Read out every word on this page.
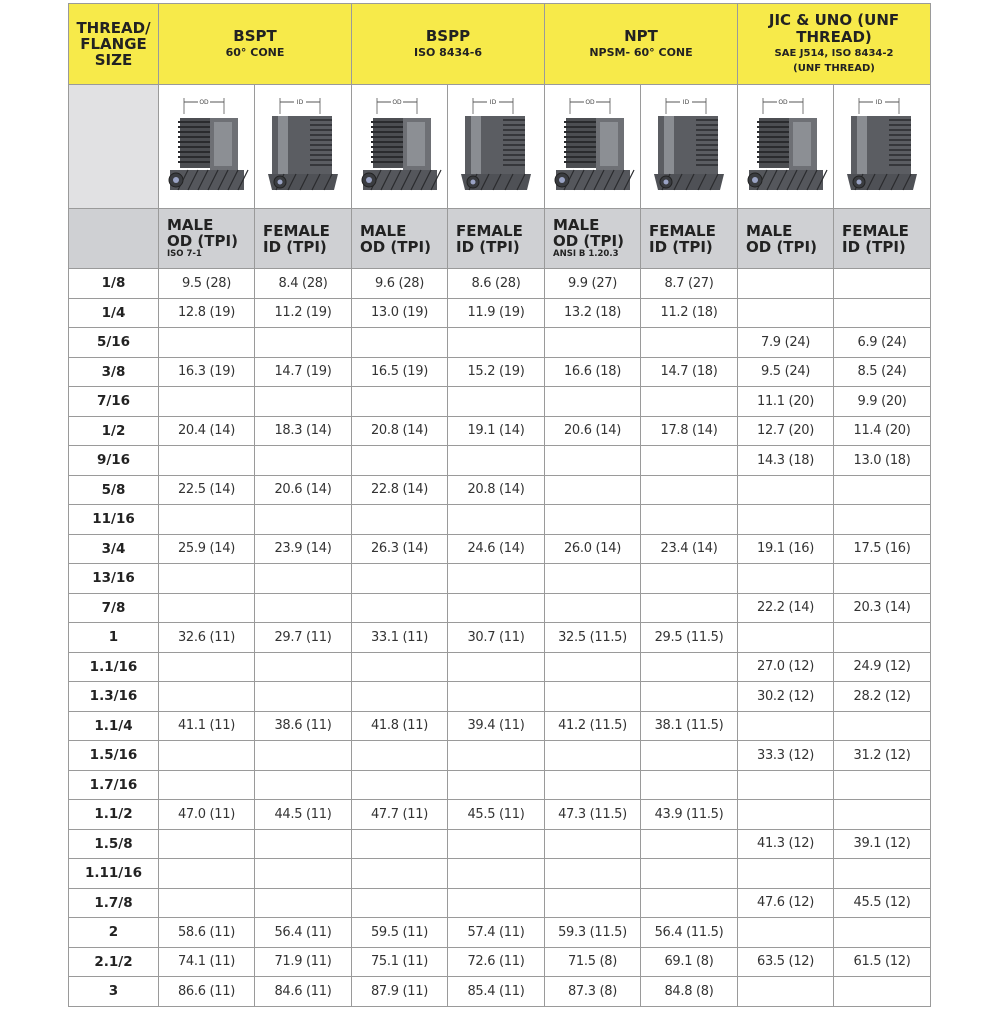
THREAD/
FLANGE
SIZE	BSPT
60° CONE		BSPP
ISO 8434-6		NPT
NPSM- 60° CONE		JIC & UNO (UNF THREAD)
SAE J514, ISO 8434-2
(UNF THREAD)	

OD	ID	OD	ID	OD	ID	OD	ID

	MALE
OD (TPI)
ISO 7-1	FEMALE
ID (TPI)	MALE
OD (TPI)	FEMALE
ID (TPI)	MALE
OD (TPI)
ANSI B 1.20.3	FEMALE
ID (TPI)	MALE
OD (TPI)	FEMALE
ID (TPI)

1/8	9.5 (28)	8.4 (28)	9.6 (28)	8.6 (28)	9.9 (27)	8.7 (27)		
1/4	12.8 (19)	11.2 (19)	13.0 (19)	11.9 (19)	13.2 (18)	11.2 (18)		
5/16							7.9 (24)	6.9 (24)
3/8	16.3 (19)	14.7 (19)	16.5 (19)	15.2 (19)	16.6 (18)	14.7 (18)	9.5 (24)	8.5 (24)
7/16							11.1 (20)	9.9 (20)
1/2	20.4 (14)	18.3 (14)	20.8 (14)	19.1 (14)	20.6 (14)	17.8 (14)	12.7 (20)	11.4 (20)
9/16							14.3 (18)	13.0 (18)
5/8	22.5 (14)	20.6 (14)	22.8 (14)	20.8 (14)				
11/16								
3/4	25.9 (14)	23.9 (14)	26.3 (14)	24.6 (14)	26.0 (14)	23.4 (14)	19.1 (16)	17.5 (16)
13/16								
7/8							22.2 (14)	20.3 (14)
1	32.6 (11)	29.7 (11)	33.1 (11)	30.7 (11)	32.5 (11.5)	29.5 (11.5)		
1.1/16							27.0 (12)	24.9 (12)
1.3/16							30.2 (12)	28.2 (12)
1.1/4	41.1 (11)	38.6 (11)	41.8 (11)	39.4 (11)	41.2 (11.5)	38.1 (11.5)		
1.5/16							33.3 (12)	31.2 (12)
1.7/16								
1.1/2	47.0 (11)	44.5 (11)	47.7 (11)	45.5 (11)	47.3 (11.5)	43.9 (11.5)		
1.5/8							41.3 (12)	39.1 (12)
1.11/16								
1.7/8							47.6 (12)	45.5 (12)
2	58.6 (11)	56.4 (11)	59.5 (11)	57.4 (11)	59.3 (11.5)	56.4 (11.5)		
2.1/2	74.1 (11)	71.9 (11)	75.1 (11)	72.6 (11)	71.5 (8)	69.1 (8)	63.5 (12)	61.5 (12)
3	86.6 (11)	84.6 (11)	87.9 (11)	85.4 (11)	87.3 (8)	84.8 (8)		
